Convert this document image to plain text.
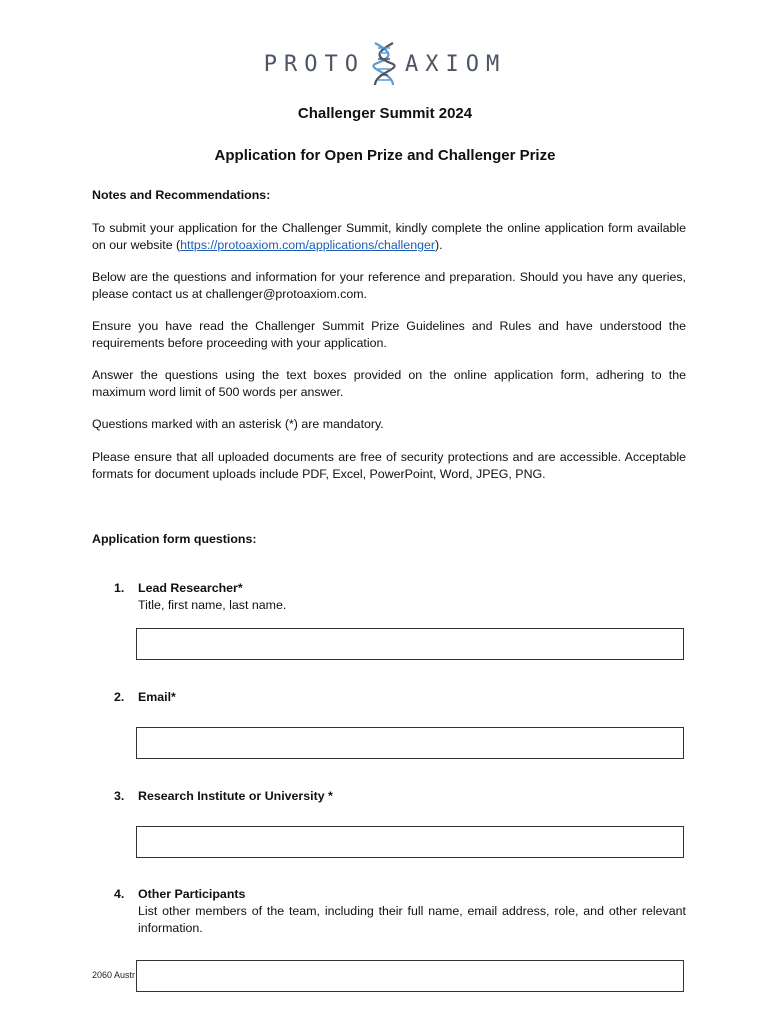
PROTO AXIOM
Challenger Summit 2024
Application for Open Prize and Challenger Prize

Notes and Recommendations:

To submit your application for the Challenger Summit, kindly complete the online application form available on our website (https://protoaxiom.com/applications/challenger).

Below are the questions and information for your reference and preparation. Should you have any queries, please contact us at challenger@protoaxiom.com.

Ensure you have read the Challenger Summit Prize Guidelines and Rules and have understood the requirements before proceeding with your application.

Answer the questions using the text boxes provided on the online application form, adhering to the maximum word limit of 500 words per answer.

Questions marked with an asterisk (*) are mandatory.

Please ensure that all uploaded documents are free of security protections and are accessible. Acceptable formats for document uploads include PDF, Excel, PowerPoint, Word, JPEG, PNG.

Application form questions:

1. Lead Researcher*
Title, first name, last name.
2. Email*
3. Research Institute or University *
4. Other Participants
List other members of the team, including their full name, email address, role, and other relevant information.
2060 Austr
